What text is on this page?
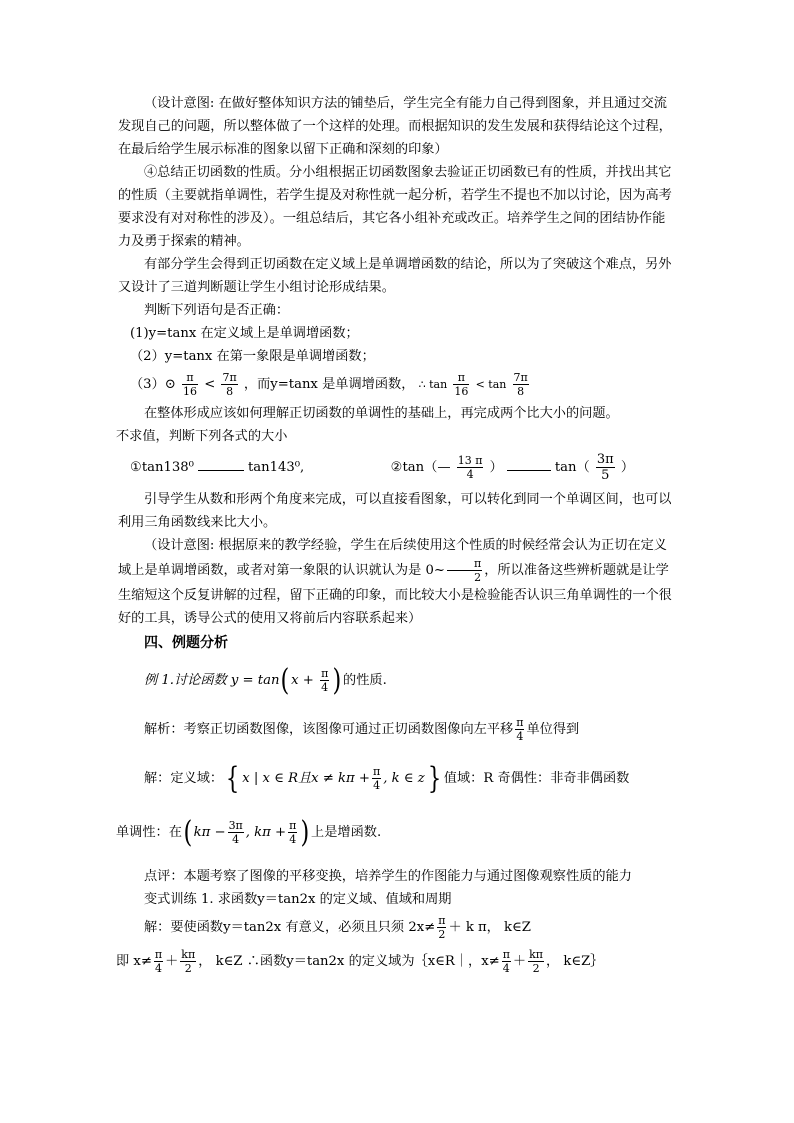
（设计意图: 在做好整体知识方法的铺垫后，学生完全有能力自己得到图象，并且通过交流发现自己的问题，所以整体做了一个这样的处理。而根据知识的发生发展和获得结论这个过程，在最后给学生展示标准的图象以留下正确和深刻的印象）

④总结正切函数的性质。分小组根据正切函数图象去验证正切函数已有的性质，并找出其它的性质（主要就指单调性，若学生提及对称性就一起分析，若学生不提也不加以讨论，因为高考要求没有对对称性的涉及）。一组总结后，其它各小组补充或改正。培养学生之间的团结协作能力及勇于探索的精神。

有部分学生会得到正切函数在定义域上是单调增函数的结论，所以为了突破这个难点，另外又设计了三道判断题让学生小组讨论形成结果。

判断下列语句是否正确：

(1)y=tanx 在定义域上是单调增函数；

（2）y=tanx 在第一象限是单调增函数；

（3）⊙ $\frac{\pi}{16} < \frac{7\pi}{8}$ ，而y=tanx 是单调增函数， ∴ $\tan \frac{\pi}{16} < \tan \frac{7\pi}{8}$

在整体形成应该如何理解正切函数的单调性的基础上，再完成两个比大小的问题。

不求值，判断下列各式的大小

①tan138⁰	tan143⁰,	②tan（— $\frac{13 \pi}{4}$ ）	$\tan( \frac{3\pi}{5}$ ）

引导学生从数和形两个角度来完成，可以直接看图象，可以转化到同一个单调区间，也可以利用三角函数线来比大小。

（设计意图: 根据原来的教学经验，学生在后续使用这个性质的时候经常会认为正切在定义域上是单调增函数，或者对第一象限的认识就认为是 0~ $\frac{\pi}{2}$ ，所以准备这些辨析题就是让学生缩短这个反复讲解的过程，留下正确的印象，而比较大小是检验能否认识三角单调性的一个很好的工具，诱导公式的使用又将前后内容联系起来）

四、例题分析

例 1.讨论函数 $y = \tan(x + \frac{\pi}{4}$ )的性质.

解析：考察正切函数图像，该图像可通过正切函数图像向左平移 $\frac{\pi}{4}$ 单位得到

解：定义域：{ x | x ∈ R且$x \ne k\pi + \frac{\pi}{4}$ , k ∈ z} 值域：R 奇偶性：非奇非偶函数

单调性：在($k\pi - \frac{3\pi}{4}$ , $k\pi + \frac{\pi}{4}$ )上是增函数.

点评：本题考察了图像的平移变换，培养学生的作图能力与通过图像观察性质的能力

变式训练 1. 求函数y＝tan2x 的定义域、值域和周期

解：要使函数y＝tan2x 有意义，必须且只须 $2x\ne \frac{\pi}{2} + k$ π， k∈Z

即 $x\ne \frac{\pi}{4} + \frac{k\pi}{2}$ ， k∈Z ∴函数y＝tan2x 的定义域为｛x∈R｜，$x\ne \frac{\pi}{4} + \frac{k\pi}{2}$ ， k∈Z｝
